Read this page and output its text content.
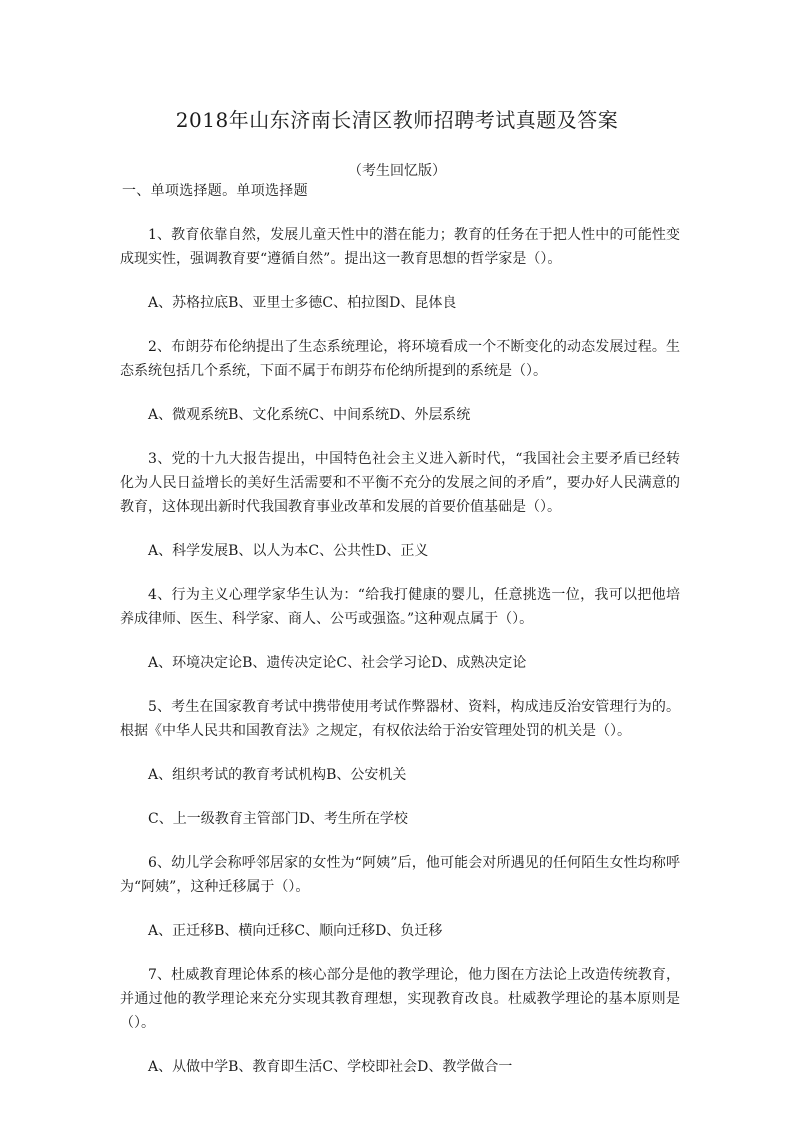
2018年山东济南长清区教师招聘考试真题及答案
（考生回忆版）
一、单项选择题。单项选择题
1、教育依靠自然，发展儿童天性中的潜在能力；教育的任务在于把人性中的可能性变成现实性，强调教育要“遵循自然”。提出这一教育思想的哲学家是（）。
A、苏格拉底B、亚里士多德C、柏拉图D、昆体良
2、布朗芬布伦纳提出了生态系统理论，将环境看成一个不断变化的动态发展过程。生态系统包括几个系统，下面不属于布朗芬布伦纳所提到的系统是（）。
A、微观系统B、文化系统C、中间系统D、外层系统
3、党的十九大报告提出，中国特色社会主义进入新时代，“我国社会主要矛盾已经转化为人民日益增长的美好生活需要和不平衡不充分的发展之间的矛盾”，要办好人民满意的教育，这体现出新时代我国教育事业改革和发展的首要价值基础是（）。
A、科学发展B、以人为本C、公共性D、正义
4、行为主义心理学家华生认为：“给我打健康的婴儿，任意挑选一位，我可以把他培养成律师、医生、科学家、商人、公丐或强盗。”这种观点属于（）。
A、环境决定论B、遗传决定论C、社会学习论D、成熟决定论
5、考生在国家教育考试中携带使用考试作弊器材、资料，构成违反治安管理行为的。根据《中华人民共和国教育法》之规定，有权依法给于治安管理处罚的机关是（）。
A、组织考试的教育考试机构B、公安机关
C、上一级教育主管部门D、考生所在学校
6、幼儿学会称呼邻居家的女性为“阿姨”后，他可能会对所遇见的任何陌生女性均称呼为“阿姨”，这种迁移属于（）。
A、正迁移B、横向迁移C、顺向迁移D、负迁移
7、杜威教育理论体系的核心部分是他的教学理论，他力图在方法论上改造传统教育，并通过他的教学理论来充分实现其教育理想，实现教育改良。杜威教学理论的基本原则是（）。
A、从做中学B、教育即生活C、学校即社会D、教学做合一
